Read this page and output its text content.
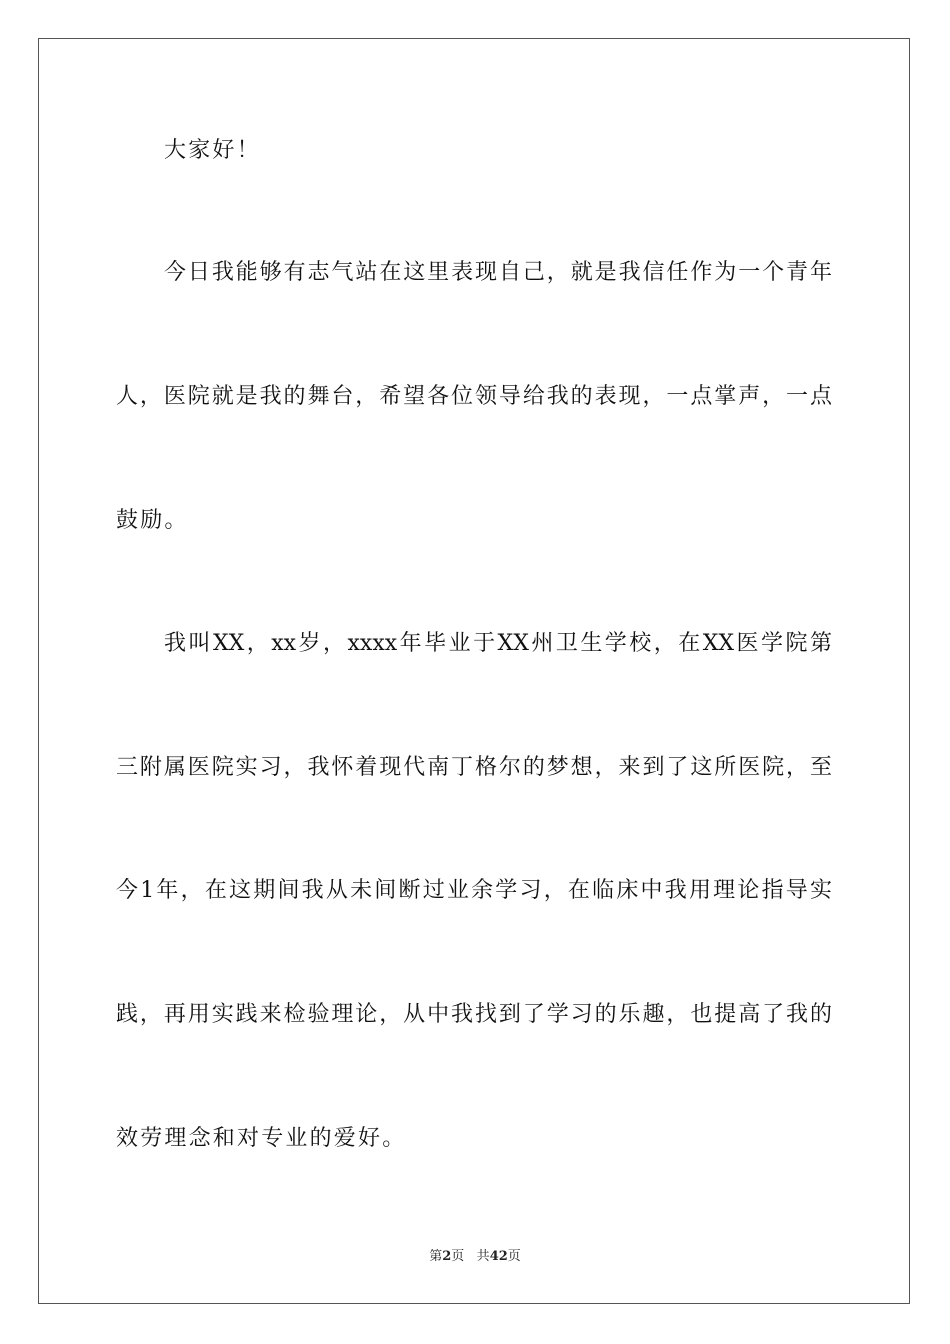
大家好！
今日我能够有志气站在这里表现自己，就是我信任作为一个青年
人，医院就是我的舞台，希望各位领导给我的表现，一点掌声，一点
鼓励。
我叫XX，xx岁，xxxx年毕业于XX州卫生学校，在XX医学院第
三附属医院实习，我怀着现代南丁格尔的梦想，来到了这所医院，至
今1年，在这期间我从未间断过业余学习，在临床中我用理论指导实
践，再用实践来检验理论，从中我找到了学习的乐趣，也提高了我的
效劳理念和对专业的爱好。
第2页 共42页
